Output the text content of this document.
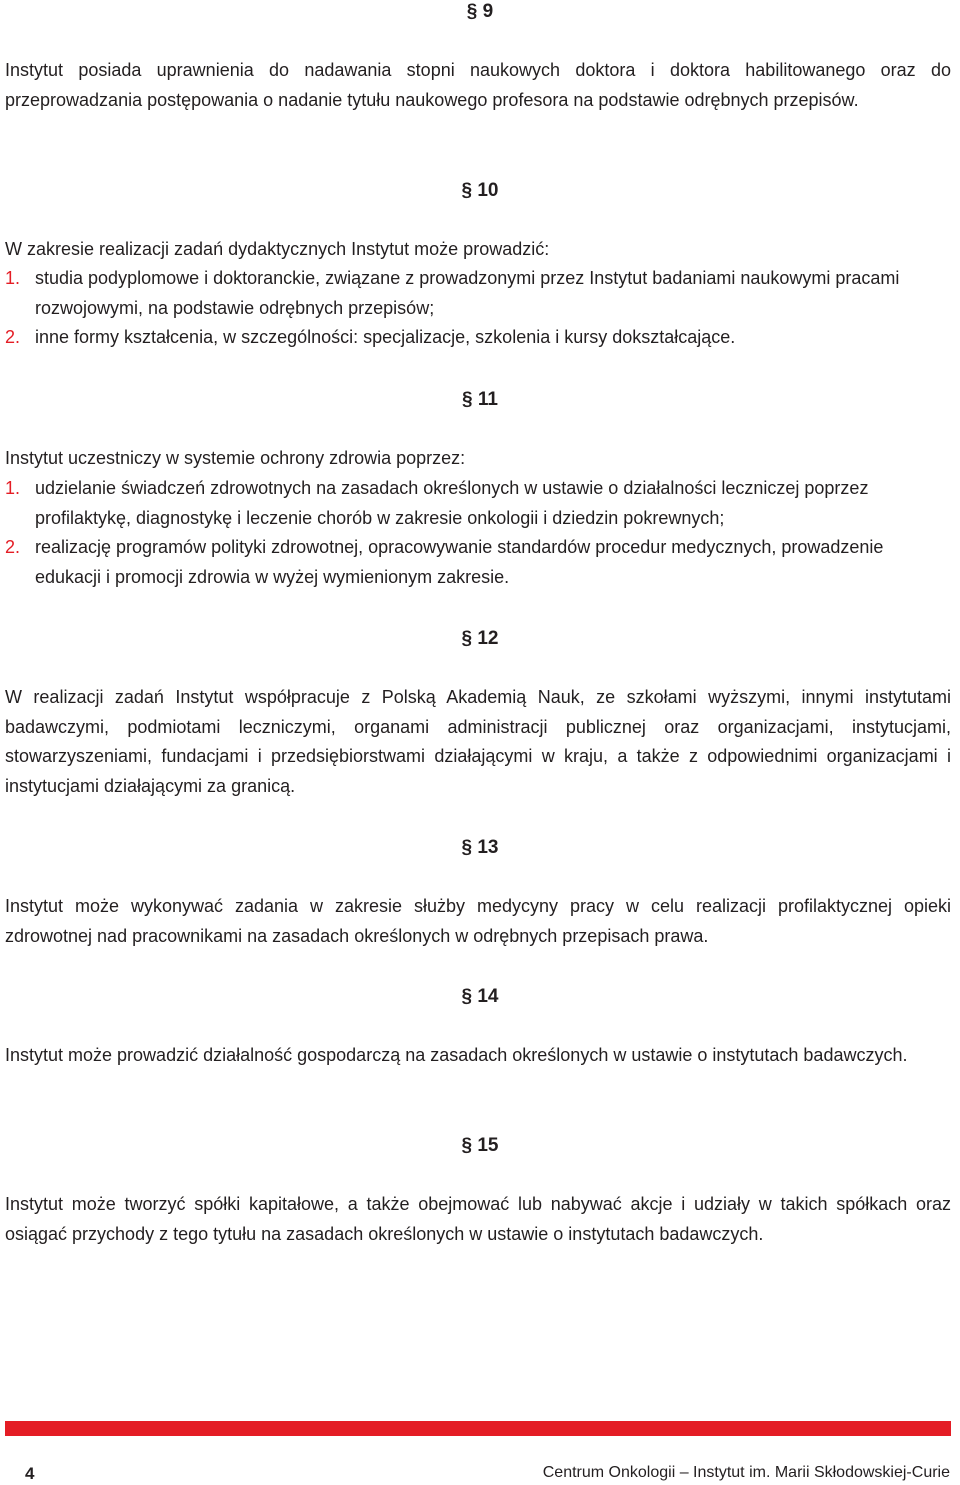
§ 9

Instytut posiada uprawnienia do nadawania stopni naukowych doktora i doktora habilitowanego oraz do przeprowadzania postępowania o nadanie tytułu naukowego profesora na podstawie odrębnych przepisów.

§ 10

W zakresie realizacji zadań dydaktycznych Instytut może prowadzić:

1. studia podyplomowe i doktoranckie, związane z prowadzonymi przez Instytut badaniami naukowymi pracami rozwojowymi, na podstawie odrębnych przepisów;
2. inne formy kształcenia, w szczególności: specjalizacje, szkolenia i kursy dokształcające.
§ 11

Instytut uczestniczy w systemie ochrony zdrowia poprzez:

1. udzielanie świadczeń zdrowotnych na zasadach określonych w ustawie o działalności leczniczej poprzez profilaktykę, diagnostykę i leczenie chorób w zakresie onkologii i dziedzin pokrewnych;
2. realizację programów polityki zdrowotnej, opracowywanie standardów procedur medycznych, prowadzenie edukacji i promocji zdrowia w wyżej wymienionym zakresie.
§ 12

W realizacji zadań Instytut współpracuje z Polską Akademią Nauk, ze szkołami wyższymi, innymi instytutami badawczymi, podmiotami leczniczymi, organami administracji publicznej oraz organizacjami, instytucjami, stowarzyszeniami, fundacjami i przedsiębiorstwami działającymi w kraju, a także z odpowiednimi organizacjami i instytucjami działającymi za granicą.

§ 13

Instytut może wykonywać zadania w zakresie służby medycyny pracy w celu realizacji profilaktycznej opieki zdrowotnej nad pracownikami na zasadach określonych w odrębnych przepisach prawa.

§ 14

Instytut może prowadzić działalność gospodarczą na zasadach określonych w ustawie o instytutach badawczych.

§ 15

Instytut może tworzyć spółki kapitałowe, a także obejmować lub nabywać akcje i udziały w takich spółkach oraz osiągać przychody z tego tytułu na zasadach określonych w ustawie o instytutach badawczych.

4	Centrum Onkologii – Instytut im. Marii Skłodowskiej-Curie
